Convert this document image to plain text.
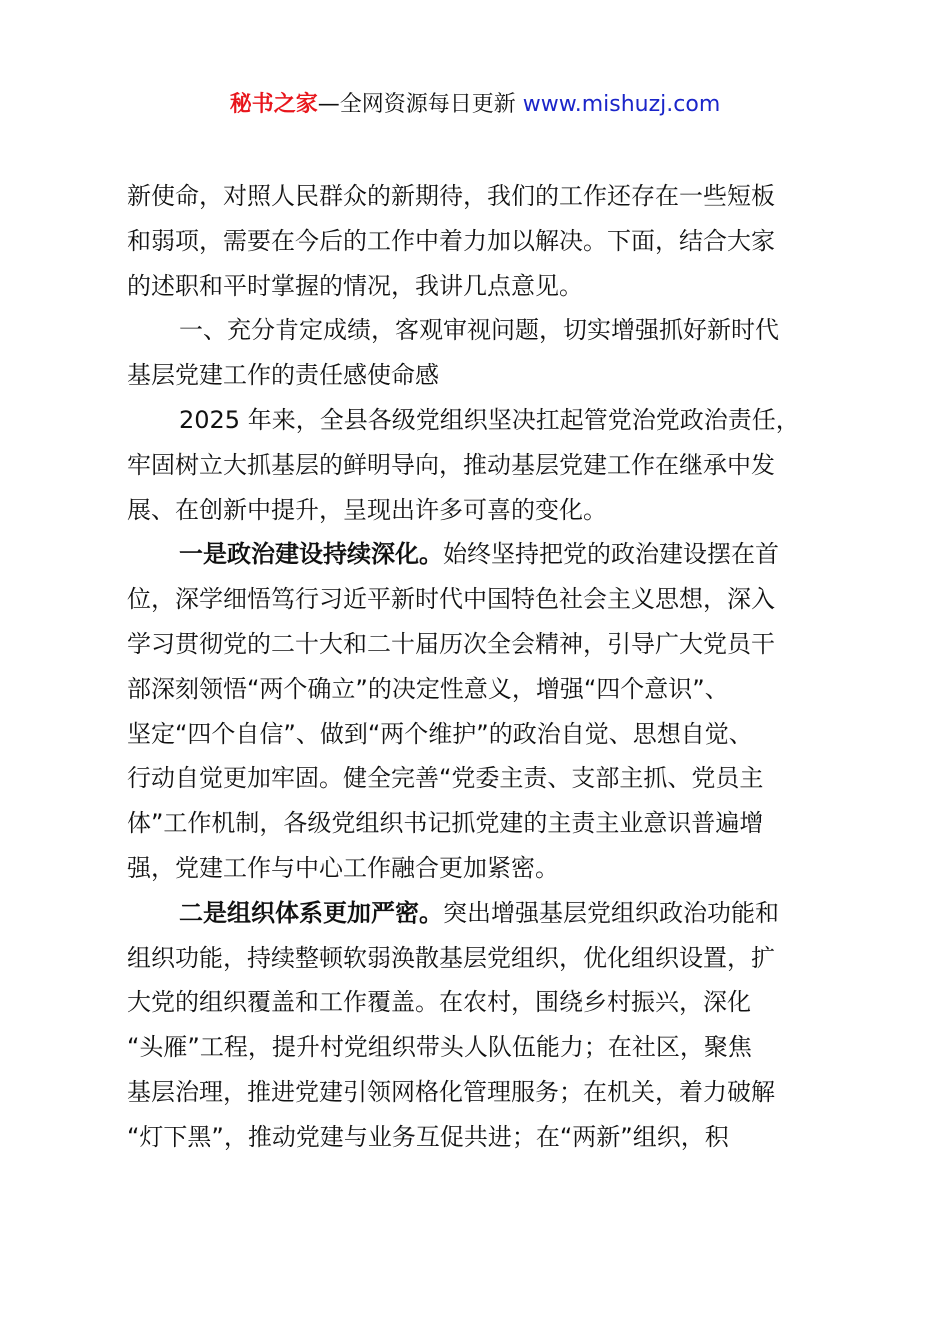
秘书之家—全网资源每日更新 www.mishuzj.com

新使命，对照人民群众的新期待，我们的工作还存在一些短板

和弱项，需要在今后的工作中着力加以解决。下面，结合大家

的述职和平时掌握的情况，我讲几点意见。

一、充分肯定成绩，客观审视问题，切实增强抓好新时代

基层党建工作的责任感使命感

2025 年来，全县各级党组织坚决扛起管党治党政治责任，

牢固树立大抓基层的鲜明导向，推动基层党建工作在继承中发

展、在创新中提升，呈现出许多可喜的变化。

一是政治建设持续深化。始终坚持把党的政治建设摆在首

位，深学细悟笃行习近平新时代中国特色社会主义思想，深入

学习贯彻党的二十大和二十届历次全会精神，引导广大党员干

部深刻领悟“两个确立”的决定性意义，增强“四个意识”、

坚定“四个自信”、做到“两个维护”的政治自觉、思想自觉、

行动自觉更加牢固。健全完善“党委主责、支部主抓、党员主

体”工作机制，各级党组织书记抓党建的主责主业意识普遍增

强，党建工作与中心工作融合更加紧密。

二是组织体系更加严密。突出增强基层党组织政治功能和

组织功能，持续整顿软弱涣散基层党组织，优化组织设置，扩

大党的组织覆盖和工作覆盖。在农村，围绕乡村振兴，深化

“头雁”工程，提升村党组织带头人队伍能力；在社区，聚焦

基层治理，推进党建引领网格化管理服务；在机关，着力破解

“灯下黑”，推动党建与业务互促共进；在“两新”组织，积
